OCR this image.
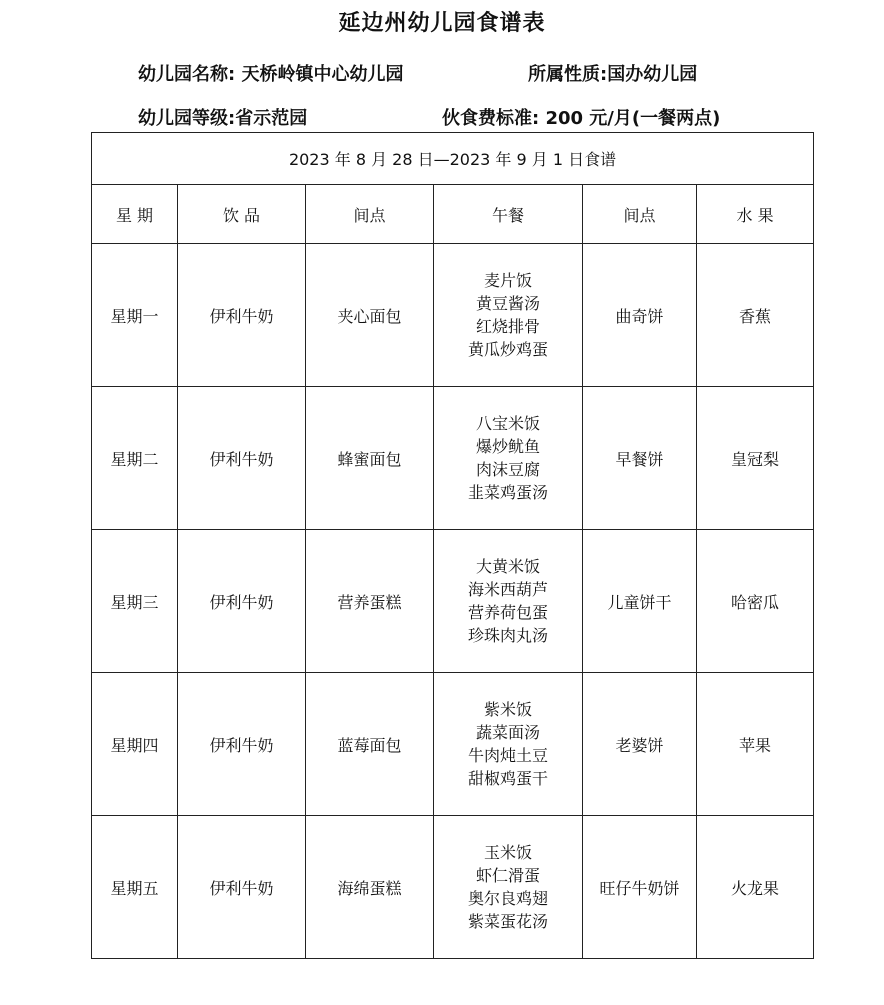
延边州幼儿园食谱表
幼儿园名称: 天桥岭镇中心幼儿园	所属性质:国办幼儿园
幼儿园等级:省示范园	伙食费标准: 200 元/月(一餐两点)
2023 年 8 月 28 日—2023 年 9 月 1 日食谱					
星 期	饮 品	间点	午餐	间点	水 果
星期一	伊利牛奶	夹心面包	麦片饭
黄豆酱汤
红烧排骨
黄瓜炒鸡蛋	曲奇饼	香蕉
星期二	伊利牛奶	蜂蜜面包	八宝米饭
爆炒鱿鱼
肉沫豆腐
韭菜鸡蛋汤	早餐饼	皇冠梨
星期三	伊利牛奶	营养蛋糕	大黄米饭
海米西葫芦
营养荷包蛋
珍珠肉丸汤	儿童饼干	哈密瓜
星期四	伊利牛奶	蓝莓面包	紫米饭
蔬菜面汤
牛肉炖土豆
甜椒鸡蛋干	老婆饼	苹果
星期五	伊利牛奶	海绵蛋糕	玉米饭
虾仁滑蛋
奥尔良鸡翅
紫菜蛋花汤	旺仔牛奶饼	火龙果
